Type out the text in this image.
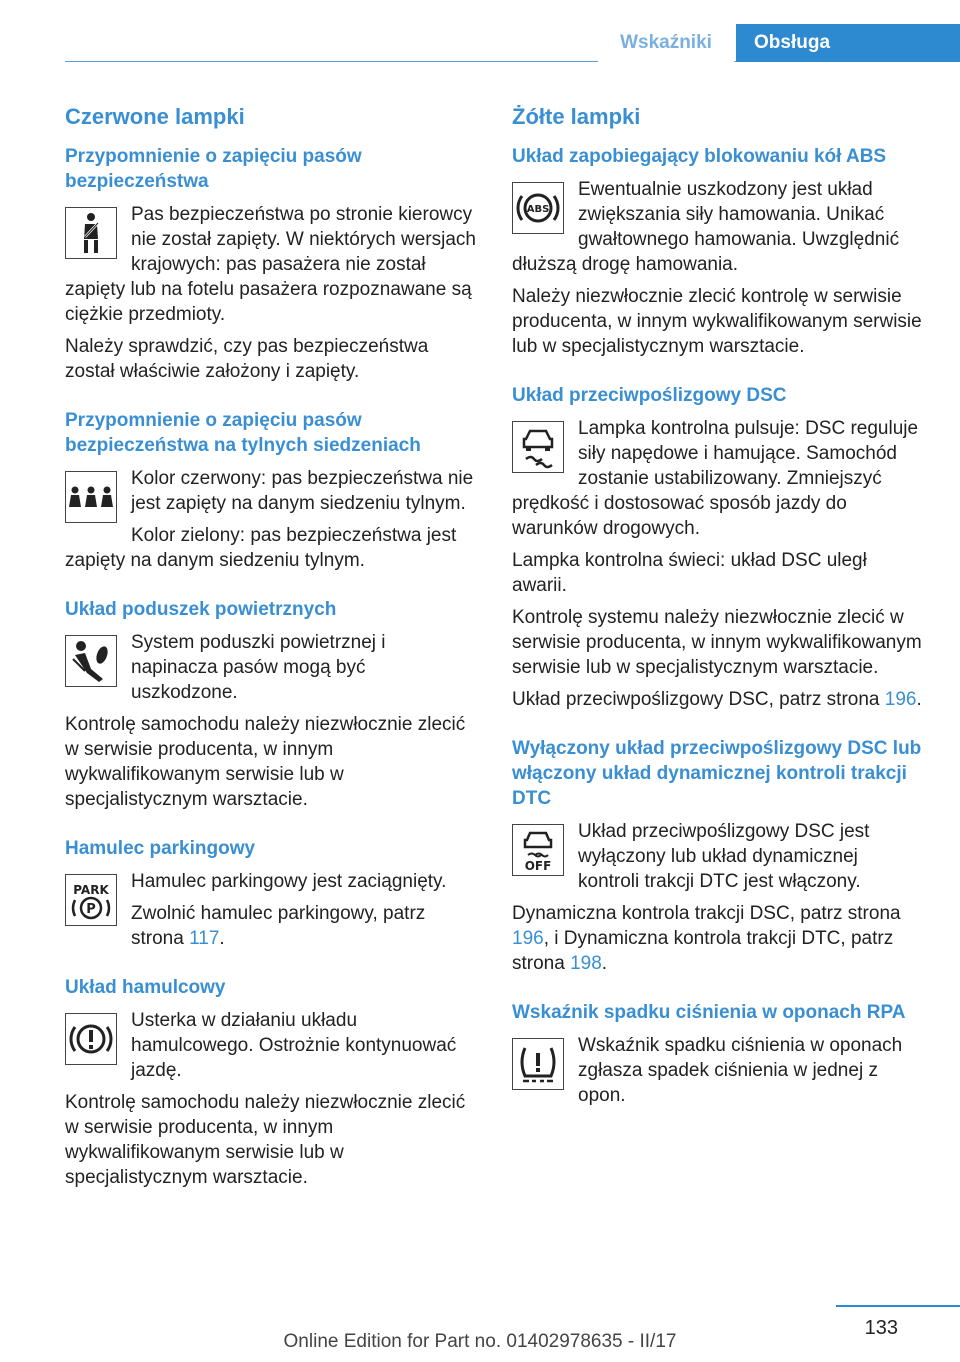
Wskaźniki	Obsługa
Czerwone lampki
Przypomnienie o zapięciu pasów bezpieczeństwa

Pas bezpieczeństwa po stronie kierowcy nie został zapięty. W niektórych wersjach krajowych: pas pasażera nie został zapięty lub na fotelu pasażera rozpoznawane są ciężkie przedmioty.

Należy sprawdzić, czy pas bezpieczeństwa został właściwie założony i zapięty.

Przypomnienie o zapięciu pasów bezpieczeństwa na tylnych siedzeniach

Kolor czerwony: pas bezpieczeństwa nie jest zapięty na danym siedzeniu tylnym.

Kolor zielony: pas bezpieczeństwa jest zapięty na danym siedzeniu tylnym.

Układ poduszek powietrznych

System poduszki powietrznej i napinacza pasów mogą być uszkodzone.

Kontrolę samochodu należy niezwłocznie zlecić w serwisie producenta, w innym wykwalifikowanym serwisie lub w specjalistycznym warsztacie.

Hamulec parkingowy
PARK
P

Hamulec parkingowy jest zaciągnięty.

Zwolnić hamulec parkingowy, patrz strona 117.

Układ hamulcowy

Usterka w działaniu układu hamulcowego. Ostrożnie kontynuować jazdę.

Kontrolę samochodu należy niezwłocznie zlecić w serwisie producenta, w innym wykwalifikowanym serwisie lub w specjalistycznym warsztacie.

Żółte lampki
Układ zapobiegający blokowaniu kół ABS
ABS

Ewentualnie uszkodzony jest układ zwiększania siły hamowania. Unikać gwałtownego hamowania. Uwzględnić dłuższą drogę hamowania.

Należy niezwłocznie zlecić kontrolę w serwisie producenta, w innym wykwalifikowanym serwisie lub w specjalistycznym warsztacie.

Układ przeciwpoślizgowy DSC

Lampka kontrolna pulsuje: DSC reguluje siły napędowe i hamujące. Samochód zostanie ustabilizowany. Zmniejszyć prędkość i dostosować sposób jazdy do warunków drogowych.

Lampka kontrolna świeci: układ DSC uległ awarii.

Kontrolę systemu należy niezwłocznie zlecić w serwisie producenta, w innym wykwalifikowanym serwisie lub w specjalistycznym warsztacie.

Układ przeciwpoślizgowy DSC, patrz strona 196.

Wyłączony układ przeciwpoślizgowy DSC lub włączony układ dynamicznej kontroli trakcji DTC
OFF

Układ przeciwpoślizgowy DSC jest wyłączony lub układ dynamicznej kontroli trakcji DTC jest włączony.

Dynamiczna kontrola trakcji DSC, patrz strona 196, i Dynamiczna kontrola trakcji DTC, patrz strona 198.

Wskaźnik spadku ciśnienia w oponach RPA

Wskaźnik spadku ciśnienia w oponach zgłasza spadek ciśnienia w jednej z opon.

133
Online Edition for Part no. 01402978635 - II/17
